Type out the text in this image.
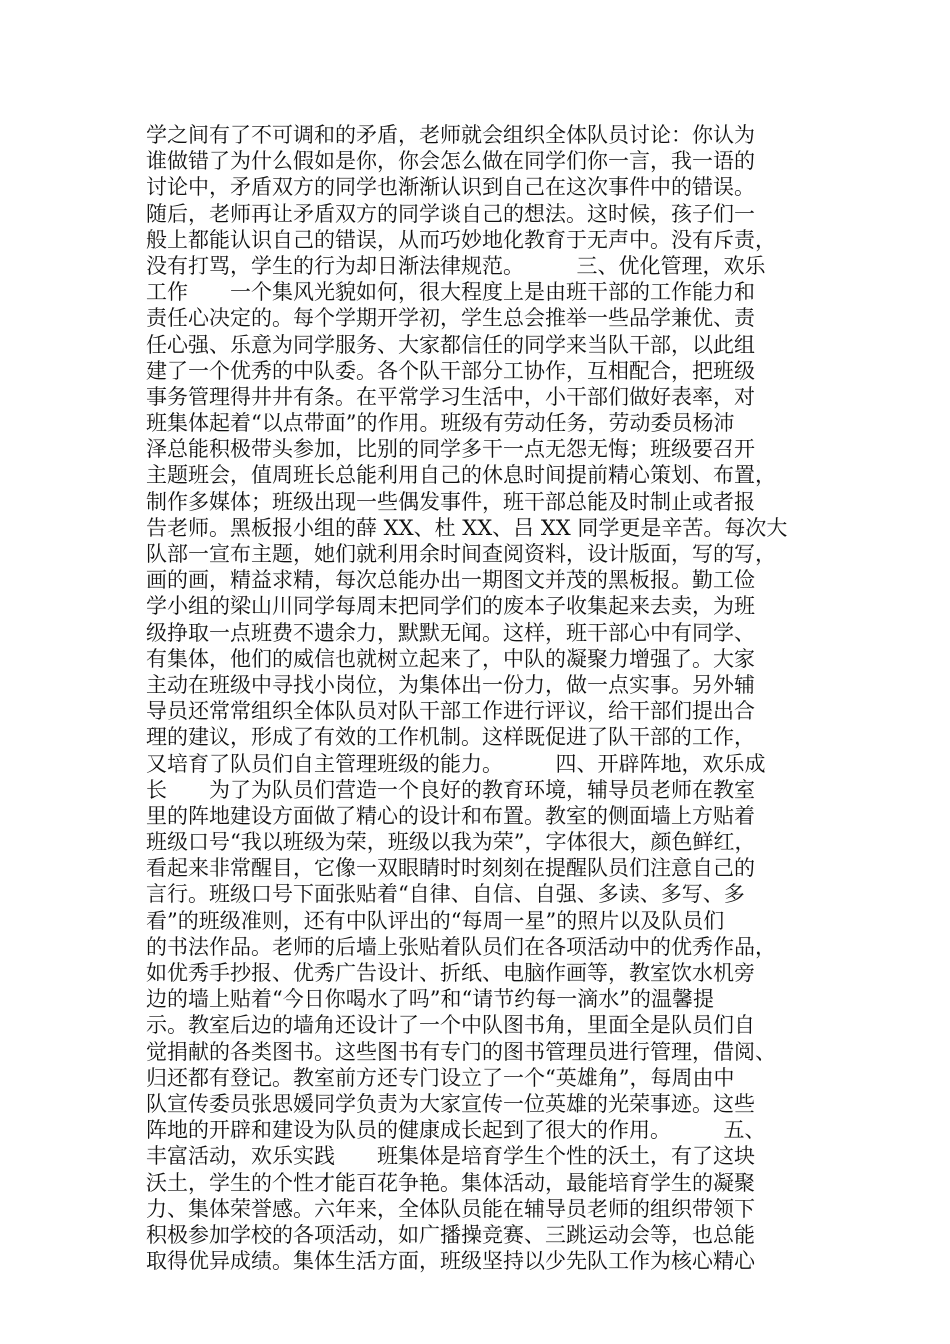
学之间有了不可调和的矛盾，老师就会组织全体队员讨论：你认为
谁做错了为什么假如是你，你会怎么做在同学们你一言，我一语的
讨论中，矛盾双方的同学也渐渐认识到自己在这次事件中的错误。
随后，老师再让矛盾双方的同学谈自己的想法。这时候，孩子们一
般上都能认识自己的错误，从而巧妙地化教育于无声中。没有斥责，
没有打骂，学生的行为却日渐法律规范。　　　三、优化管理，欢乐
工作　　一个集风光貌如何，很大程度上是由班干部的工作能力和
责任心决定的。每个学期开学初，学生总会推举一些品学兼优、责
任心强、乐意为同学服务、大家都信任的同学来当队干部，以此组
建了一个优秀的中队委。各个队干部分工协作，互相配合，把班级
事务管理得井井有条。在平常学习生活中，小干部们做好表率，对
班集体起着“以点带面”的作用。班级有劳动任务，劳动委员杨沛
泽总能积极带头参加，比别的同学多干一点无怨无悔；班级要召开
主题班会，值周班长总能利用自己的休息时间提前精心策划、布置，
制作多媒体；班级出现一些偶发事件，班干部总能及时制止或者报
告老师。黑板报小组的薛 XX、杜 XX、吕 XX 同学更是辛苦。每次大
队部一宣布主题，她们就利用余时间查阅资料，设计版面，写的写，
画的画，精益求精，每次总能办出一期图文并茂的黑板报。勤工俭
学小组的梁山川同学每周末把同学们的废本子收集起来去卖，为班
级挣取一点班费不遗余力，默默无闻。这样，班干部心中有同学、
有集体，他们的威信也就树立起来了，中队的凝聚力增强了。大家
主动在班级中寻找小岗位，为集体出一份力，做一点实事。另外辅
导员还常常组织全体队员对队干部工作进行评议，给干部们提出合
理的建议，形成了有效的工作机制。这样既促进了队干部的工作，
又培育了队员们自主管理班级的能力。　　　四、开辟阵地，欢乐成
长　　为了为队员们营造一个良好的教育环境，辅导员老师在教室
里的阵地建设方面做了精心的设计和布置。教室的侧面墙上方贴着
班级口号“我以班级为荣，班级以我为荣”，字体很大，颜色鲜红，
看起来非常醒目，它像一双眼睛时时刻刻在提醒队员们注意自己的
言行。班级口号下面张贴着“自律、自信、自强、多读、多写、多
看”的班级准则，还有中队评出的“每周一星”的照片以及队员们
的书法作品。老师的后墙上张贴着队员们在各项活动中的优秀作品，
如优秀手抄报、优秀广告设计、折纸、电脑作画等，教室饮水机旁
边的墙上贴着“今日你喝水了吗”和“请节约每一滴水”的温馨提
示。教室后边的墙角还设计了一个中队图书角，里面全是队员们自
觉捐献的各类图书。这些图书有专门的图书管理员进行管理，借阅、
归还都有登记。教室前方还专门设立了一个“英雄角”，每周由中
队宣传委员张思媛同学负责为大家宣传一位英雄的光荣事迹。这些
阵地的开辟和建设为队员的健康成长起到了很大的作用。　　　五、
丰富活动，欢乐实践　　班集体是培育学生个性的沃土，有了这块
沃土，学生的个性才能百花争艳。集体活动，最能培育学生的凝聚
力、集体荣誉感。六年来，全体队员能在辅导员老师的组织带领下
积极参加学校的各项活动，如广播操竞赛、三跳运动会等，也总能
取得优异成绩。集体生活方面，班级坚持以少先队工作为核心精心
